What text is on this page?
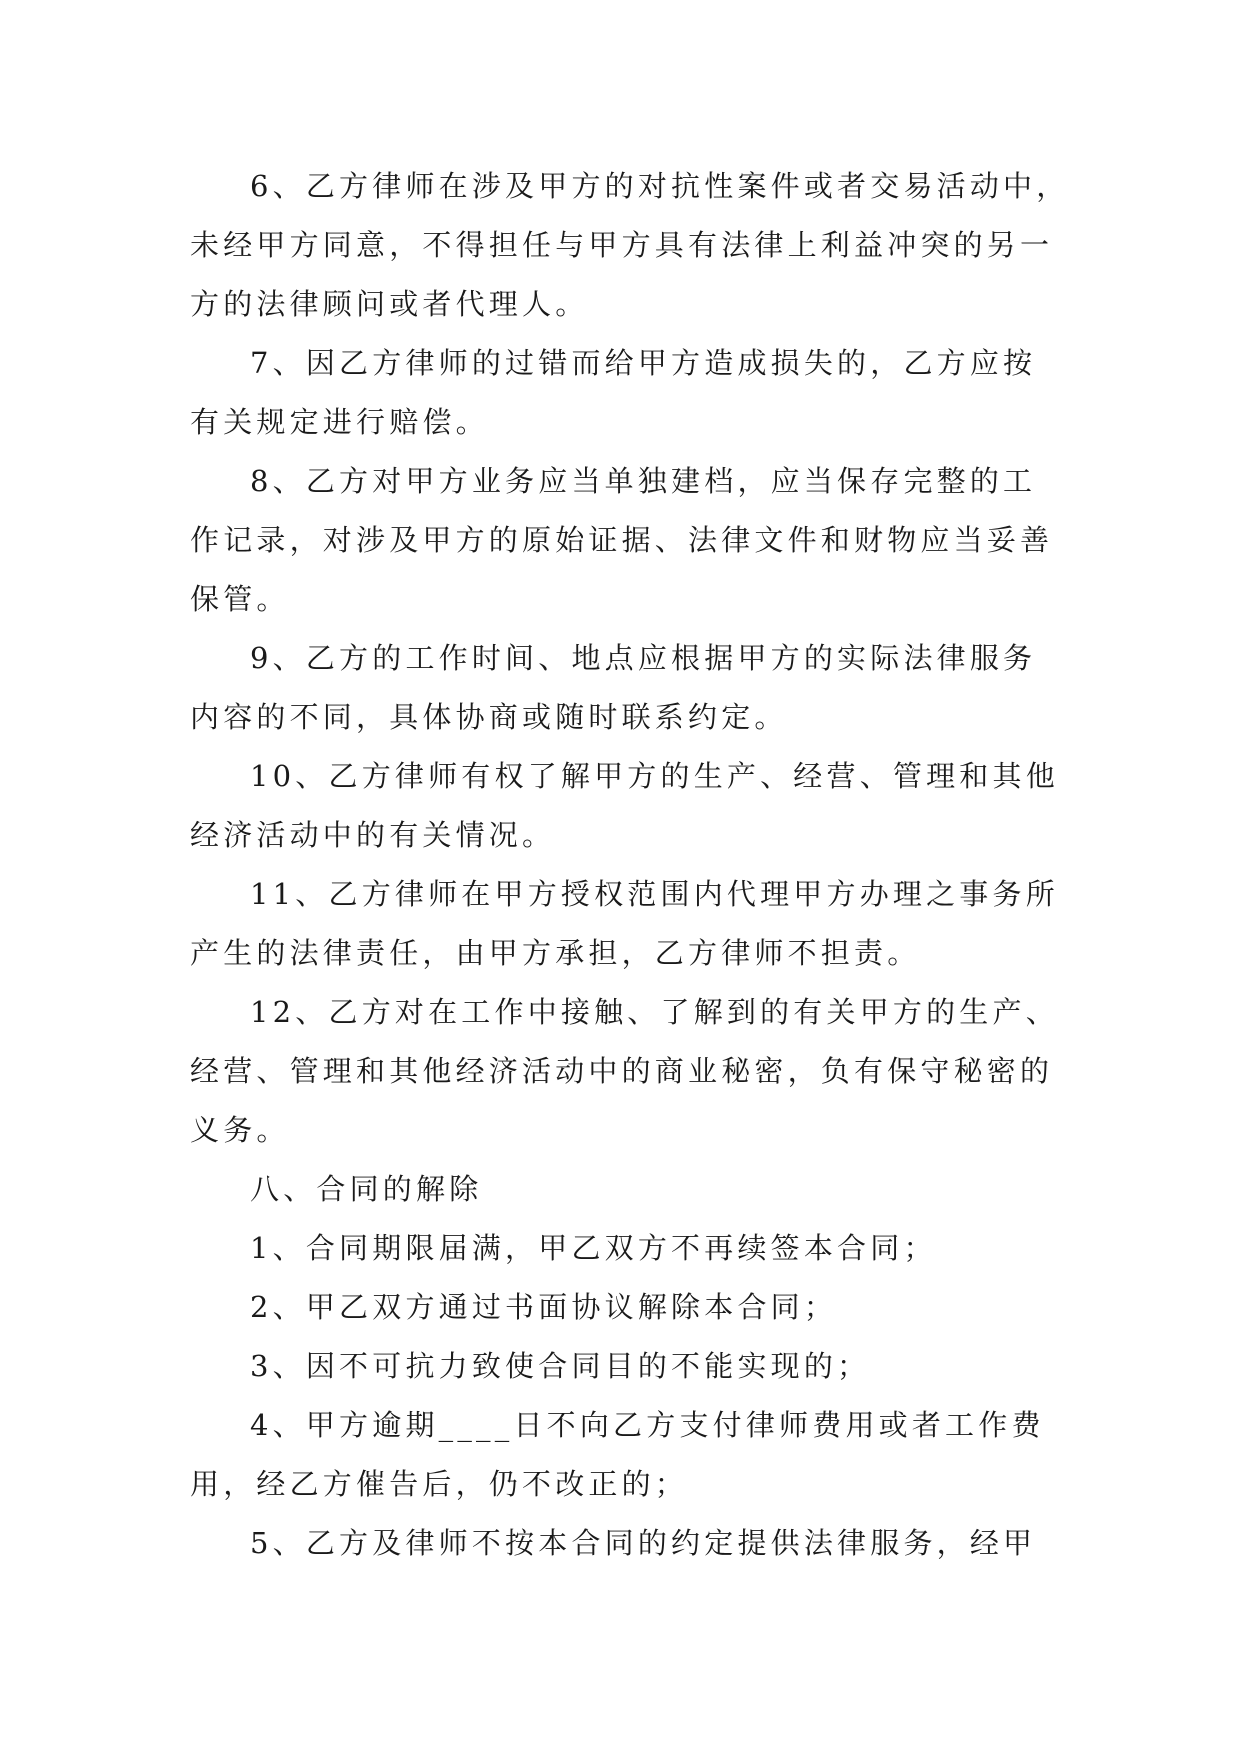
6、乙方律师在涉及甲方的对抗性案件或者交易活动中，
未经甲方同意，不得担任与甲方具有法律上利益冲突的另一
方的法律顾问或者代理人。
7、因乙方律师的过错而给甲方造成损失的，乙方应按
有关规定进行赔偿。
8、乙方对甲方业务应当单独建档，应当保存完整的工
作记录，对涉及甲方的原始证据、法律文件和财物应当妥善
保管。
9、乙方的工作时间、地点应根据甲方的实际法律服务
内容的不同，具体协商或随时联系约定。
10、乙方律师有权了解甲方的生产、经营、管理和其他
经济活动中的有关情况。
11、乙方律师在甲方授权范围内代理甲方办理之事务所
产生的法律责任，由甲方承担，乙方律师不担责。
12、乙方对在工作中接触、了解到的有关甲方的生产、
经营、管理和其他经济活动中的商业秘密，负有保守秘密的
义务。
八、合同的解除
1、合同期限届满，甲乙双方不再续签本合同；
2、甲乙双方通过书面协议解除本合同；
3、因不可抗力致使合同目的不能实现的；
4、甲方逾期____日不向乙方支付律师费用或者工作费
用，经乙方催告后，仍不改正的；
5、乙方及律师不按本合同的约定提供法律服务，经甲
